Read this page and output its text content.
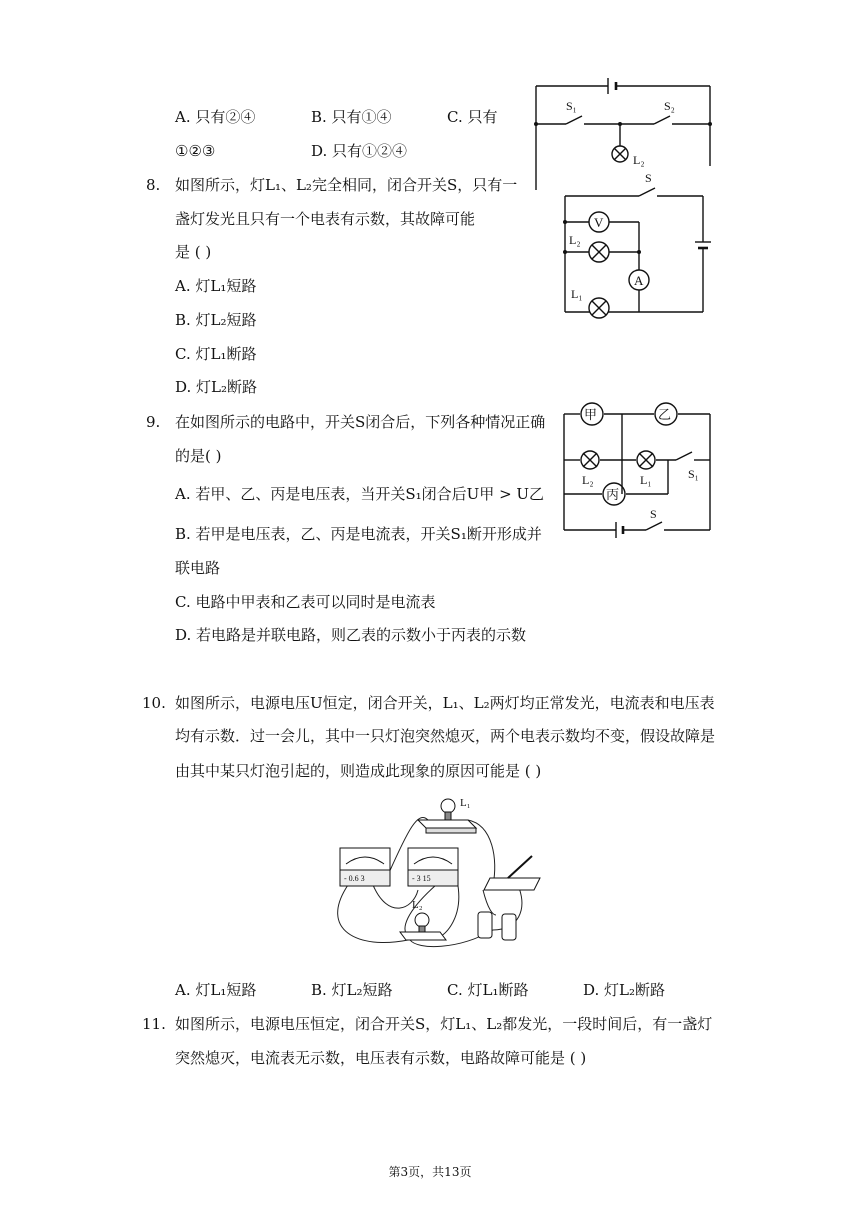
A. 只有②④	B. 只有①④	C. 只有
①②③	D. 只有①②④
S₁	S₂
L₂
8. 如图所示，灯L₁、L₂完全相同，闭合开关S，只有一
盏灯发光且只有一个电表有示数，其故障可能
是 ( )
A. 灯L₁短路
B. 灯L₂短路
C. 灯L₁断路
D. 灯L₂断路
S
V
A
L₂
L₁
9. 在如图所示的电路中，开关S闭合后，下列各种情况正确
的是( )
A. 若甲、乙、丙是电压表，当开关S₁闭合后U甲 > U乙
B. 若甲是电压表，乙、丙是电流表，开关S₁断开形成并
联电路
C. 电路中甲表和乙表可以同时是电流表
D. 若电路是并联电路，则乙表的示数小于丙表的示数
甲	乙
丙
L₂	L₁	S₁
S
10. 如图所示，电源电压U恒定，闭合开关，L₁、L₂两灯均正常发光，电流表和电压表
均有示数．过一会儿，其中一只灯泡突然熄灭，两个电表示数均不变，假设故障是
由其中某只灯泡引起的，则造成此现象的原因可能是 ( )
L₁
- 0.6 3	- 3 15
L₂
A. 灯L₁短路	B. 灯L₂短路	C. 灯L₁断路	D. 灯L₂断路
11. 如图所示，电源电压恒定，闭合开关S，灯L₁、L₂都发光，一段时间后，有一盏灯
突然熄灭，电流表无示数，电压表有示数，电路故障可能是 ( )
第3页，共13页
